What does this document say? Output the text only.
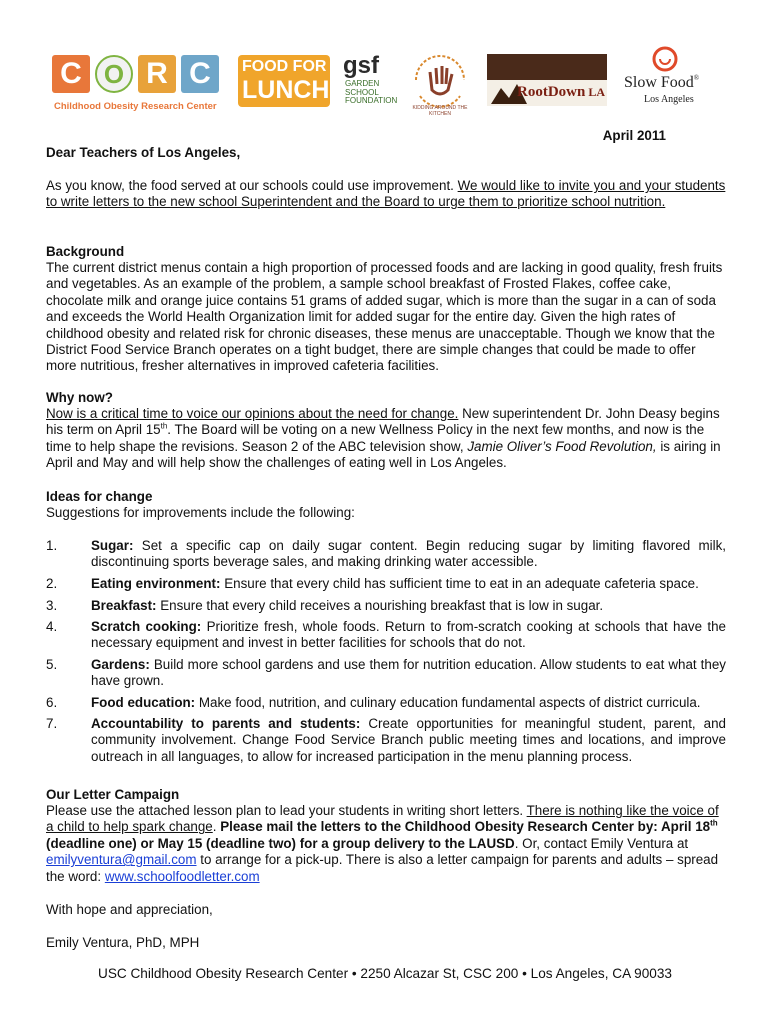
C O R C
Childhood Obesity Research Center
FOOD FOR
LUNCH
gsf
GARDEN
SCHOOL
FOUNDATION
KIDDING AROUND THE KITCHEN
RootDown LA
Slow Food®
Los Angeles
April 2011
Dear Teachers of Los Angeles,
As you know, the food served at our schools could use improvement. We would like to invite you and your students to write letters to the new school Superintendent and the Board to urge them to prioritize school nutrition.
Background
The current district menus contain a high proportion of processed foods and are lacking in good quality, fresh fruits and vegetables. As an example of the problem, a sample school breakfast of Frosted Flakes, coffee cake, chocolate milk and orange juice contains 51 grams of added sugar, which is more than the sugar in a can of soda and exceeds the World Health Organization limit for added sugar for the entire day. Given the high rates of childhood obesity and related risk for chronic diseases, these menus are unacceptable. Though we know that the District Food Service Branch operates on a tight budget, there are simple changes that could be made to offer more nutritious, fresher alternatives in improved cafeteria facilities.
Why now?
Now is a critical time to voice our opinions about the need for change. New superintendent Dr. John Deasy begins his term on April 15th. The Board will be voting on a new Wellness Policy in the next few months, and now is the time to help shape the revisions. Season 2 of the ABC television show, Jamie Oliver’s Food Revolution, is airing in April and May and will help show the challenges of eating well in Los Angeles.
Ideas for change
Suggestions for improvements include the following:
1.	Sugar: Set a specific cap on daily sugar content. Begin reducing sugar by limiting flavored milk, discontinuing sports beverage sales, and making drinking water accessible.
2.	Eating environment: Ensure that every child has sufficient time to eat in an adequate cafeteria space.
3.	Breakfast: Ensure that every child receives a nourishing breakfast that is low in sugar.
4.	Scratch cooking: Prioritize fresh, whole foods. Return to from-scratch cooking at schools that have the necessary equipment and invest in better facilities for schools that do not.
5.	Gardens: Build more school gardens and use them for nutrition education. Allow students to eat what they have grown.
6.	Food education: Make food, nutrition, and culinary education fundamental aspects of district curricula.
7.	Accountability to parents and students: Create opportunities for meaningful student, parent, and community involvement. Change Food Service Branch public meeting times and locations, and improve outreach in all languages, to allow for increased participation in the menu planning process.
Our Letter Campaign
Please use the attached lesson plan to lead your students in writing short letters. There is nothing like the voice of a child to help spark change. Please mail the letters to the Childhood Obesity Research Center by: April 18th (deadline one) or May 15 (deadline two) for a group delivery to the LAUSD. Or, contact Emily Ventura at emilyventura@gmail.com to arrange for a pick-up. There is also a letter campaign for parents and adults – spread the word: www.schoolfoodletter.com
With hope and appreciation,
Emily Ventura, PhD, MPH
USC Childhood Obesity Research Center • 2250 Alcazar St, CSC 200 • Los Angeles, CA 90033
